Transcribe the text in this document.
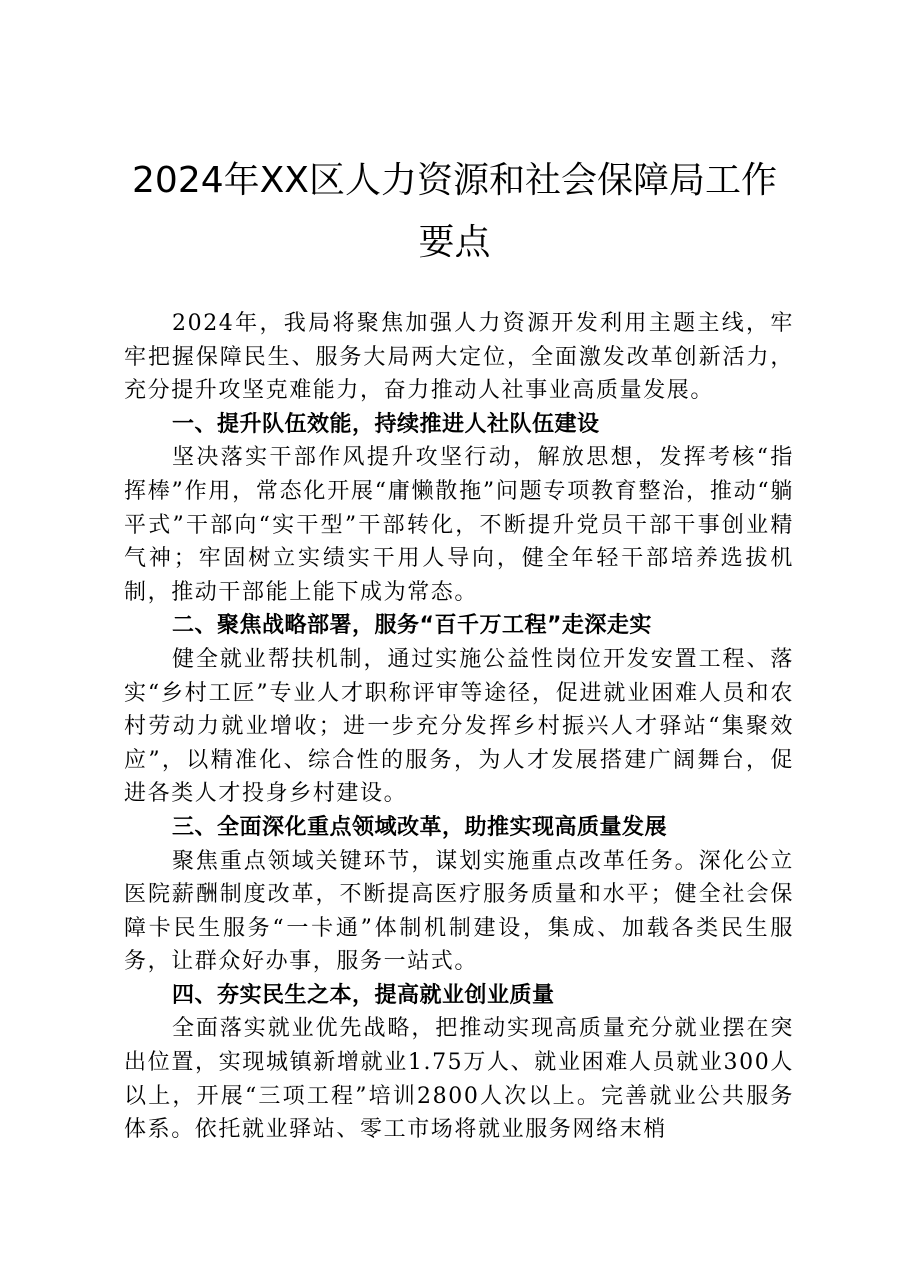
2024年XX区人力资源和社会保障局工作要点

2024年，我局将聚焦加强人力资源开发利用主题主线，牢牢把握保障民生、服务大局两大定位，全面激发改革创新活力，充分提升攻坚克难能力，奋力推动人社事业高质量发展。

一、提升队伍效能，持续推进人社队伍建设

坚决落实干部作风提升攻坚行动，解放思想，发挥考核“指挥棒”作用，常态化开展“庸懒散拖”问题专项教育整治，推动“躺平式”干部向“实干型”干部转化，不断提升党员干部干事创业精气神；牢固树立实绩实干用人导向，健全年轻干部培养选拔机制，推动干部能上能下成为常态。

二、聚焦战略部署，服务“百千万工程”走深走实

健全就业帮扶机制，通过实施公益性岗位开发安置工程、落实“乡村工匠”专业人才职称评审等途径，促进就业困难人员和农村劳动力就业增收；进一步充分发挥乡村振兴人才驿站“集聚效应”，以精准化、综合性的服务，为人才发展搭建广阔舞台，促进各类人才投身乡村建设。

三、全面深化重点领域改革，助推实现高质量发展

聚焦重点领域关键环节，谋划实施重点改革任务。深化公立医院薪酬制度改革，不断提高医疗服务质量和水平；健全社会保障卡民生服务“一卡通”体制机制建设，集成、加载各类民生服务，让群众好办事，服务一站式。

四、夯实民生之本，提高就业创业质量

全面落实就业优先战略，把推动实现高质量充分就业摆在突出位置，实现城镇新增就业1.75万人、就业困难人员就业300人以上，开展“三项工程”培训2800人次以上。完善就业公共服务体系。依托就业驿站、零工市场将就业服务网络末梢
